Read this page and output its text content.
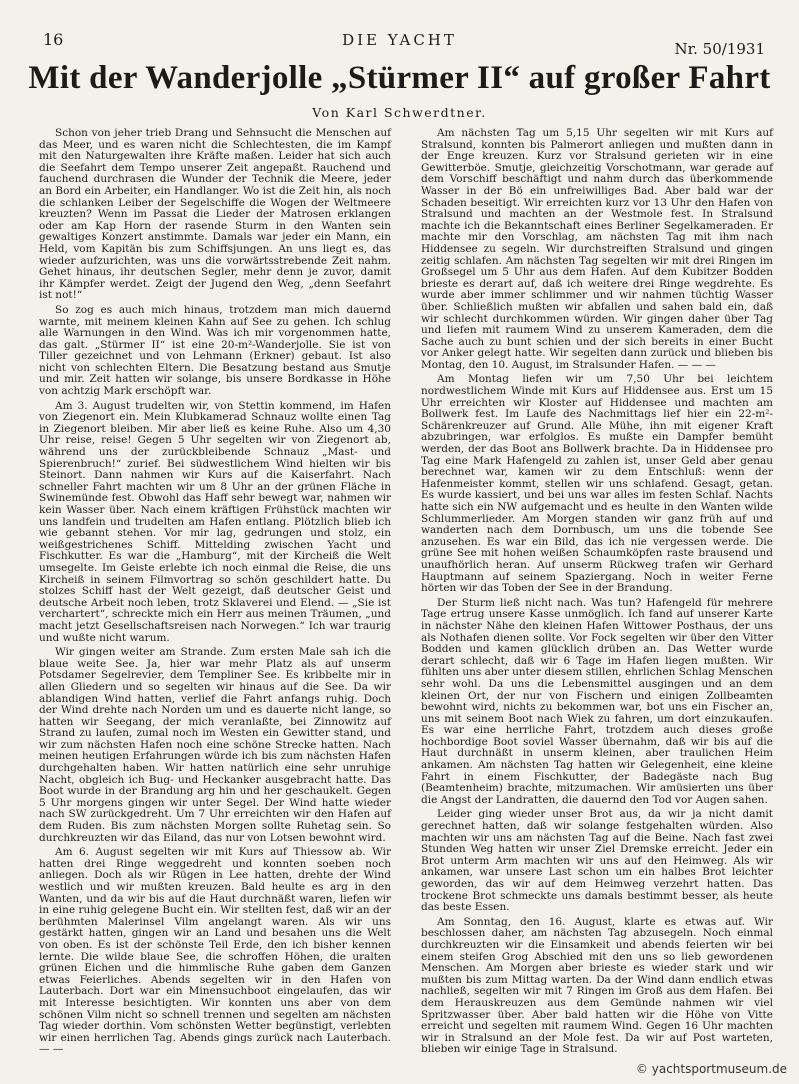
16	DIE YACHT	Nr. 50/1931
Mit der Wanderjolle „Stürmer II“ auf großer Fahrt
Von Karl Schwerdtner.

Schon von jeher trieb Drang und Sehnsucht die Menschen auf das Meer, und es waren nicht die Schlechtesten, die im Kampf mit den Naturgewalten ihre Kräfte maßen. Leider hat sich auch die Seefahrt dem Tempo unserer Zeit angepaßt. Rauchend und fauchend durchrasen die Wunder der Technik die Meere, jeder an Bord ein Arbeiter, ein Handlanger. Wo ist die Zeit hin, als noch die schlanken Leiber der Segelschiffe die Wogen der Weltmeere kreuzten? Wenn im Passat die Lieder der Matrosen erklangen oder am Kap Horn der rasende Sturm in den Wanten sein gewaltiges Konzert anstimmte. Damals war jeder ein Mann, ein Held, vom Kapitän bis zum Schiffsjungen. An uns liegt es, das wieder aufzurichten, was uns die vorwärtsstrebende Zeit nahm. Gehet hinaus, ihr deutschen Segler, mehr denn je zuvor, damit ihr Kämpfer werdet. Zeigt der Jugend den Weg, „denn Seefahrt ist not!“

So zog es auch mich hinaus, trotzdem man mich dauernd warnte, mit meinem kleinen Kahn auf See zu gehen. Ich schlug alle Warnungen in den Wind. Was ich mir vorgenommen hatte, das galt. „Stürmer II“ ist eine 20-m²-Wanderjolle. Sie ist von Tiller gezeichnet und von Lehmann (Erkner) gebaut. Ist also nicht von schlechten Eltern. Die Besatzung bestand aus Smutje und mir. Zeit hatten wir solange, bis unsere Bordkasse in Höhe von achtzig Mark erschöpft war.

Am 3. August trudelten wir, von Stettin kommend, im Hafen von Ziegenort ein. Mein Klubkamerad Schnauz wollte einen Tag in Ziegenort bleiben. Mir aber ließ es keine Ruhe. Also um 4,30 Uhr reise, reise! Gegen 5 Uhr segelten wir von Ziegenort ab, während uns der zurückbleibende Schnauz „Mast- und Spierenbruch!“ zurief. Bei südwestlichem Wind hielten wir bis Steinort. Dann nahmen wir Kurs auf die Kaiserfahrt. Nach schneller Fahrt machten wir um 8 Uhr an der grünen Fläche in Swinemünde fest. Obwohl das Haff sehr bewegt war, nahmen wir kein Wasser über. Nach einem kräftigen Frühstück machten wir uns landfein und trudelten am Hafen entlang. Plötzlich blieb ich wie gebannt stehen. Vor mir lag, gedrungen und stolz, ein weißgestrichenes Schiff. Mittelding zwischen Yacht und Fischkutter. Es war die „Hamburg“, mit der Kircheiß die Welt umsegelte. Im Geiste erlebte ich noch einmal die Reise, die uns Kircheiß in seinem Filmvortrag so schön geschildert hatte. Du stolzes Schiff hast der Welt gezeigt, daß deutscher Geist und deutsche Arbeit noch leben, trotz Sklaverei und Elend. — „Sie ist verchartert“, schreckte mich ein Herr aus meinen Träumen, „und macht jetzt Gesellschaftsreisen nach Norwegen.“ Ich war traurig und wußte nicht warum.

Wir gingen weiter am Strande. Zum ersten Male sah ich die blaue weite See. Ja, hier war mehr Platz als auf unserm Potsdamer Segelrevier, dem Templiner See. Es kribbelte mir in allen Gliedern und so segelten wir hinaus auf die See. Da wir ablandigen Wind hatten, verlief die Fahrt anfangs ruhig. Doch der Wind drehte nach Norden um und es dauerte nicht lange, so hatten wir Seegang, der mich veranlaßte, bei Zinnowitz auf Strand zu laufen, zumal noch im Westen ein Gewitter stand, und wir zum nächsten Hafen noch eine schöne Strecke hatten. Nach meinen heutigen Erfahrungen würde ich bis zum nächsten Hafen durchgehalten haben. Wir hatten natürlich eine sehr unruhige Nacht, obgleich ich Bug- und Heckanker ausgebracht hatte. Das Boot wurde in der Brandung arg hin und her geschaukelt. Gegen 5 Uhr morgens gingen wir unter Segel. Der Wind hatte wieder nach SW zurückgedreht. Um 7 Uhr erreichten wir den Hafen auf dem Ruden. Bis zum nächsten Morgen sollte Ruhetag sein. So durchkreuzten wir das Eiland, das nur von Lotsen bewohnt wird.

Am 6. August segelten wir mit Kurs auf Thiessow ab. Wir hatten drei Ringe weggedreht und konnten soeben noch anliegen. Doch als wir Rügen in Lee hatten, drehte der Wind westlich und wir mußten kreuzen. Bald heulte es arg in den Wanten, und da wir bis auf die Haut durchnäßt waren, liefen wir in eine ruhig gelegene Bucht ein. Wir stellten fest, daß wir an der berühmten Malerinsel Vilm angelangt waren. Als wir uns gestärkt hatten, gingen wir an Land und besahen uns die Welt von oben. Es ist der schönste Teil Erde, den ich bisher kennen lernte. Die wilde blaue See, die schroffen Höhen, die uralten grünen Eichen und die himmlische Ruhe gaben dem Ganzen etwas Feierliches. Abends segelten wir in den Hafen von Lauterbach. Dort war ein Minensuchboot eingelaufen, das wir mit Interesse besichtigten. Wir konnten uns aber von dem schönen Vilm nicht so schnell trennen und segelten am nächsten Tag wieder dorthin. Vom schönsten Wetter begünstigt, verlebten wir einen herrlichen Tag. Abends gings zurück nach Lauterbach. — —

Am nächsten Tag um 5,15 Uhr segelten wir mit Kurs auf Stralsund, konnten bis Palmerort anliegen und mußten dann in der Enge kreuzen. Kurz vor Stralsund gerieten wir in eine Gewitterböe. Smutje, gleichzeitig Vorschotmann, war gerade auf dem Vorschiff beschäftigt und nahm durch das überkommende Wasser in der Bö ein unfreiwilliges Bad. Aber bald war der Schaden beseitigt. Wir erreichten kurz vor 13 Uhr den Hafen von Stralsund und machten an der Westmole fest. In Stralsund machte ich die Bekanntschaft eines Berliner Segelkameraden. Er machte mir den Vorschlag, am nächsten Tag mit ihm nach Hiddensee zu segeln. Wir durchstreiften Stralsund und gingen zeitig schlafen. Am nächsten Tag segelten wir mit drei Ringen im Großsegel um 5 Uhr aus dem Hafen. Auf dem Kubitzer Bodden brieste es derart auf, daß ich weitere drei Ringe wegdrehte. Es wurde aber immer schlimmer und wir nahmen tüchtig Wasser über. Schließlich mußten wir abfallen und sahen bald ein, daß wir schlecht durchkommen würden. Wir gingen daher über Tag und liefen mit raumem Wind zu unserem Kameraden, dem die Sache auch zu bunt schien und der sich bereits in einer Bucht vor Anker gelegt hatte. Wir segelten dann zurück und blieben bis Montag, den 10. August, im Stralsunder Hafen. — — —

Am Montag liefen wir um 7,50 Uhr bei leichtem nordwestlichem Winde mit Kurs auf Hiddensee aus. Erst um 15 Uhr erreichten wir Kloster auf Hiddensee und machten am Bollwerk fest. Im Laufe des Nachmittags lief hier ein 22-m²-Schärenkreuzer auf Grund. Alle Mühe, ihn mit eigener Kraft abzubringen, war erfolglos. Es mußte ein Dampfer bemüht werden, der das Boot ans Bollwerk brachte. Da in Hiddensee pro Tag eine Mark Hafengeld zu zahlen ist, unser Geld aber genau berechnet war, kamen wir zu dem Entschluß: wenn der Hafenmeister kommt, stellen wir uns schlafend. Gesagt, getan. Es wurde kassiert, und bei uns war alles im festen Schlaf. Nachts hatte sich ein NW aufgemacht und es heulte in den Wanten wilde Schlummerlieder. Am Morgen standen wir ganz früh auf und wanderten nach dem Dornbusch, um uns die tobende See anzusehen. Es war ein Bild, das ich nie vergessen werde. Die grüne See mit hohen weißen Schaumköpfen raste brausend und unaufhörlich heran. Auf unserm Rückweg trafen wir Gerhard Hauptmann auf seinem Spaziergang. Noch in weiter Ferne hörten wir das Toben der See in der Brandung.

Der Sturm ließ nicht nach. Was tun? Hafengeld für mehrere Tage ertrug unsere Kasse unmöglich. Ich fand auf unserer Karte in nächster Nähe den kleinen Hafen Wittower Posthaus, der uns als Nothafen dienen sollte. Vor Fock segelten wir über den Vitter Bodden und kamen glücklich drüben an. Das Wetter wurde derart schlecht, daß wir 6 Tage im Hafen liegen mußten. Wir fühlten uns aber unter diesem stillen, ehrlichen Schlag Menschen sehr wohl. Da uns die Lebensmittel ausgingen und an dem kleinen Ort, der nur von Fischern und einigen Zollbeamten bewohnt wird, nichts zu bekommen war, bot uns ein Fischer an, uns mit seinem Boot nach Wiek zu fahren, um dort einzukaufen. Es war eine herrliche Fahrt, trotzdem auch dieses große hochbordige Boot soviel Wasser übernahm, daß wir bis auf die Haut durchnäßt in unserm kleinen, aber traulichen Heim ankamen. Am nächsten Tag hatten wir Gelegenheit, eine kleine Fahrt in einem Fischkutter, der Badegäste nach Bug (Beamtenheim) brachte, mitzumachen. Wir amüsierten uns über die Angst der Landratten, die dauernd den Tod vor Augen sahen.

Leider ging wieder unser Brot aus, da wir ja nicht damit gerechnet hatten, daß wir solange festgehalten würden. Also machten wir uns am nächsten Tag auf die Beine. Nach fast zwei Stunden Weg hatten wir unser Ziel Dremske erreicht. Jeder ein Brot unterm Arm machten wir uns auf den Heimweg. Als wir ankamen, war unsere Last schon um ein halbes Brot leichter geworden, das wir auf dem Heimweg verzehrt hatten. Das trockene Brot schmeckte uns damals bestimmt besser, als heute das beste Essen.

Am Sonntag, den 16. August, klarte es etwas auf. Wir beschlossen daher, am nächsten Tag abzusegeln. Noch einmal durchkreuzten wir die Einsamkeit und abends feierten wir bei einem steifen Grog Abschied mit den uns so lieb gewordenen Menschen. Am Morgen aber brieste es wieder stark und wir mußten bis zum Mittag warten. Da der Wind dann endlich etwas nachließ, segelten wir mit 7 Ringen im Groß aus dem Hafen. Bei dem Herauskreuzen aus dem Gemünde nahmen wir viel Spritzwasser über. Aber bald hatten wir die Höhe von Vitte erreicht und segelten mit raumem Wind. Gegen 16 Uhr machten wir in Stralsund an der Mole fest. Da wir auf Post warteten, blieben wir einige Tage in Stralsund.

© yachtsportmuseum.de
